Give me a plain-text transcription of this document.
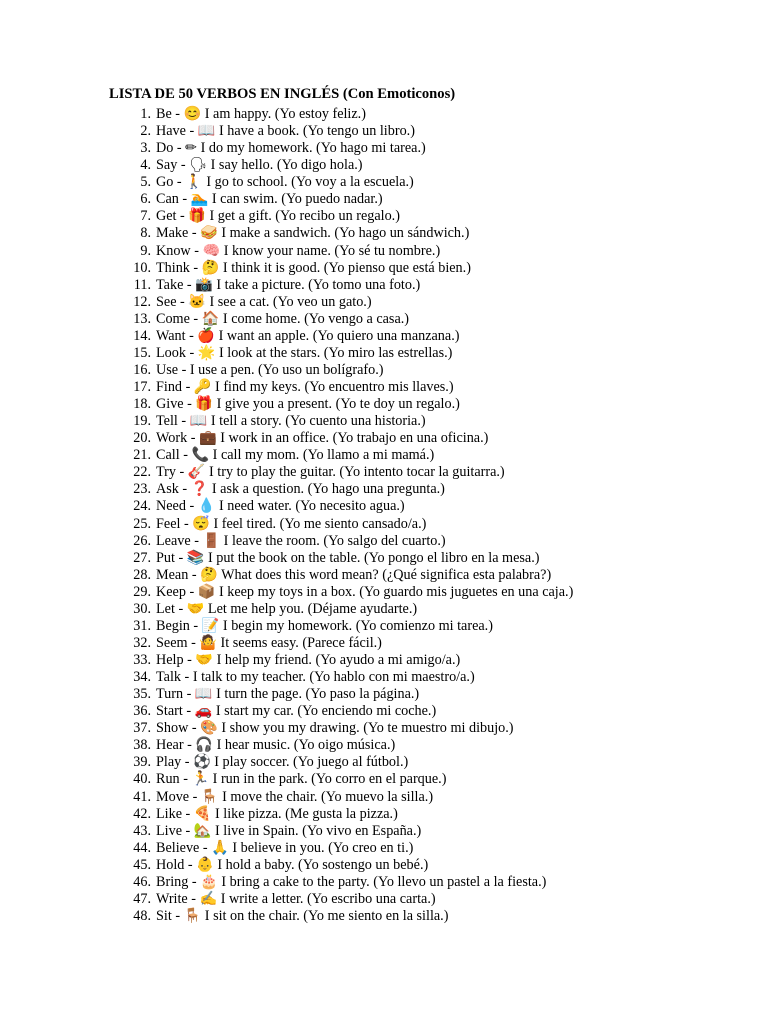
LISTA DE 50 VERBOS EN INGLÉS (Con Emoticonos)
1. Be - 😊 I am happy. (Yo estoy feliz.)
2. Have - 📖 I have a book. (Yo tengo un libro.)
3. Do - ✏ I do my homework. (Yo hago mi tarea.)
4. Say - 🗣 I say hello. (Yo digo hola.)
5. Go - 🚶 I go to school. (Yo voy a la escuela.)
6. Can - 🏊 I can swim. (Yo puedo nadar.)
7. Get - 🎁 I get a gift. (Yo recibo un regalo.)
8. Make - 🥪 I make a sandwich. (Yo hago un sándwich.)
9. Know - 🧠 I know your name. (Yo sé tu nombre.)
10. Think - 🤔 I think it is good. (Yo pienso que está bien.)
11. Take - 📸 I take a picture. (Yo tomo una foto.)
12. See - 🐱 I see a cat. (Yo veo un gato.)
13. Come - 🏠 I come home. (Yo vengo a casa.)
14. Want - 🍎 I want an apple. (Yo quiero una manzana.)
15. Look - 🌟 I look at the stars. (Yo miro las estrellas.)
16. Use - I use a pen. (Yo uso un bolígrafo.)
17. Find - 🔑 I find my keys. (Yo encuentro mis llaves.)
18. Give - 🎁 I give you a present. (Yo te doy un regalo.)
19. Tell - 📖 I tell a story. (Yo cuento una historia.)
20. Work - 💼 I work in an office. (Yo trabajo en una oficina.)
21. Call - 📞 I call my mom. (Yo llamo a mi mamá.)
22. Try - 🎸 I try to play the guitar. (Yo intento tocar la guitarra.)
23. Ask - ❓ I ask a question. (Yo hago una pregunta.)
24. Need - 💧 I need water. (Yo necesito agua.)
25. Feel - 😴 I feel tired. (Yo me siento cansado/a.)
26. Leave - 🚪 I leave the room. (Yo salgo del cuarto.)
27. Put - 📚 I put the book on the table. (Yo pongo el libro en la mesa.)
28. Mean - 🤔 What does this word mean? (¿Qué significa esta palabra?)
29. Keep - 📦 I keep my toys in a box. (Yo guardo mis juguetes en una caja.)
30. Let - 🤝 Let me help you. (Déjame ayudarte.)
31. Begin - 📝 I begin my homework. (Yo comienzo mi tarea.)
32. Seem - 🤷 It seems easy. (Parece fácil.)
33. Help - 🤝 I help my friend. (Yo ayudo a mi amigo/a.)
34. Talk - I talk to my teacher. (Yo hablo con mi maestro/a.)
35. Turn - 📖 I turn the page. (Yo paso la página.)
36. Start - 🚗 I start my car. (Yo enciendo mi coche.)
37. Show - 🎨 I show you my drawing. (Yo te muestro mi dibujo.)
38. Hear - 🎧 I hear music. (Yo oigo música.)
39. Play - ⚽ I play soccer. (Yo juego al fútbol.)
40. Run - 🏃 I run in the park. (Yo corro en el parque.)
41. Move - 🪑 I move the chair. (Yo muevo la silla.)
42. Like - 🍕 I like pizza. (Me gusta la pizza.)
43. Live - 🏡 I live in Spain. (Yo vivo en España.)
44. Believe - 🙏 I believe in you. (Yo creo en ti.)
45. Hold - 👶 I hold a baby. (Yo sostengo un bebé.)
46. Bring - 🎂 I bring a cake to the party. (Yo llevo un pastel a la fiesta.)
47. Write - ✍ I write a letter. (Yo escribo una carta.)
48. Sit - 🪑 I sit on the chair. (Yo me siento en la silla.)
